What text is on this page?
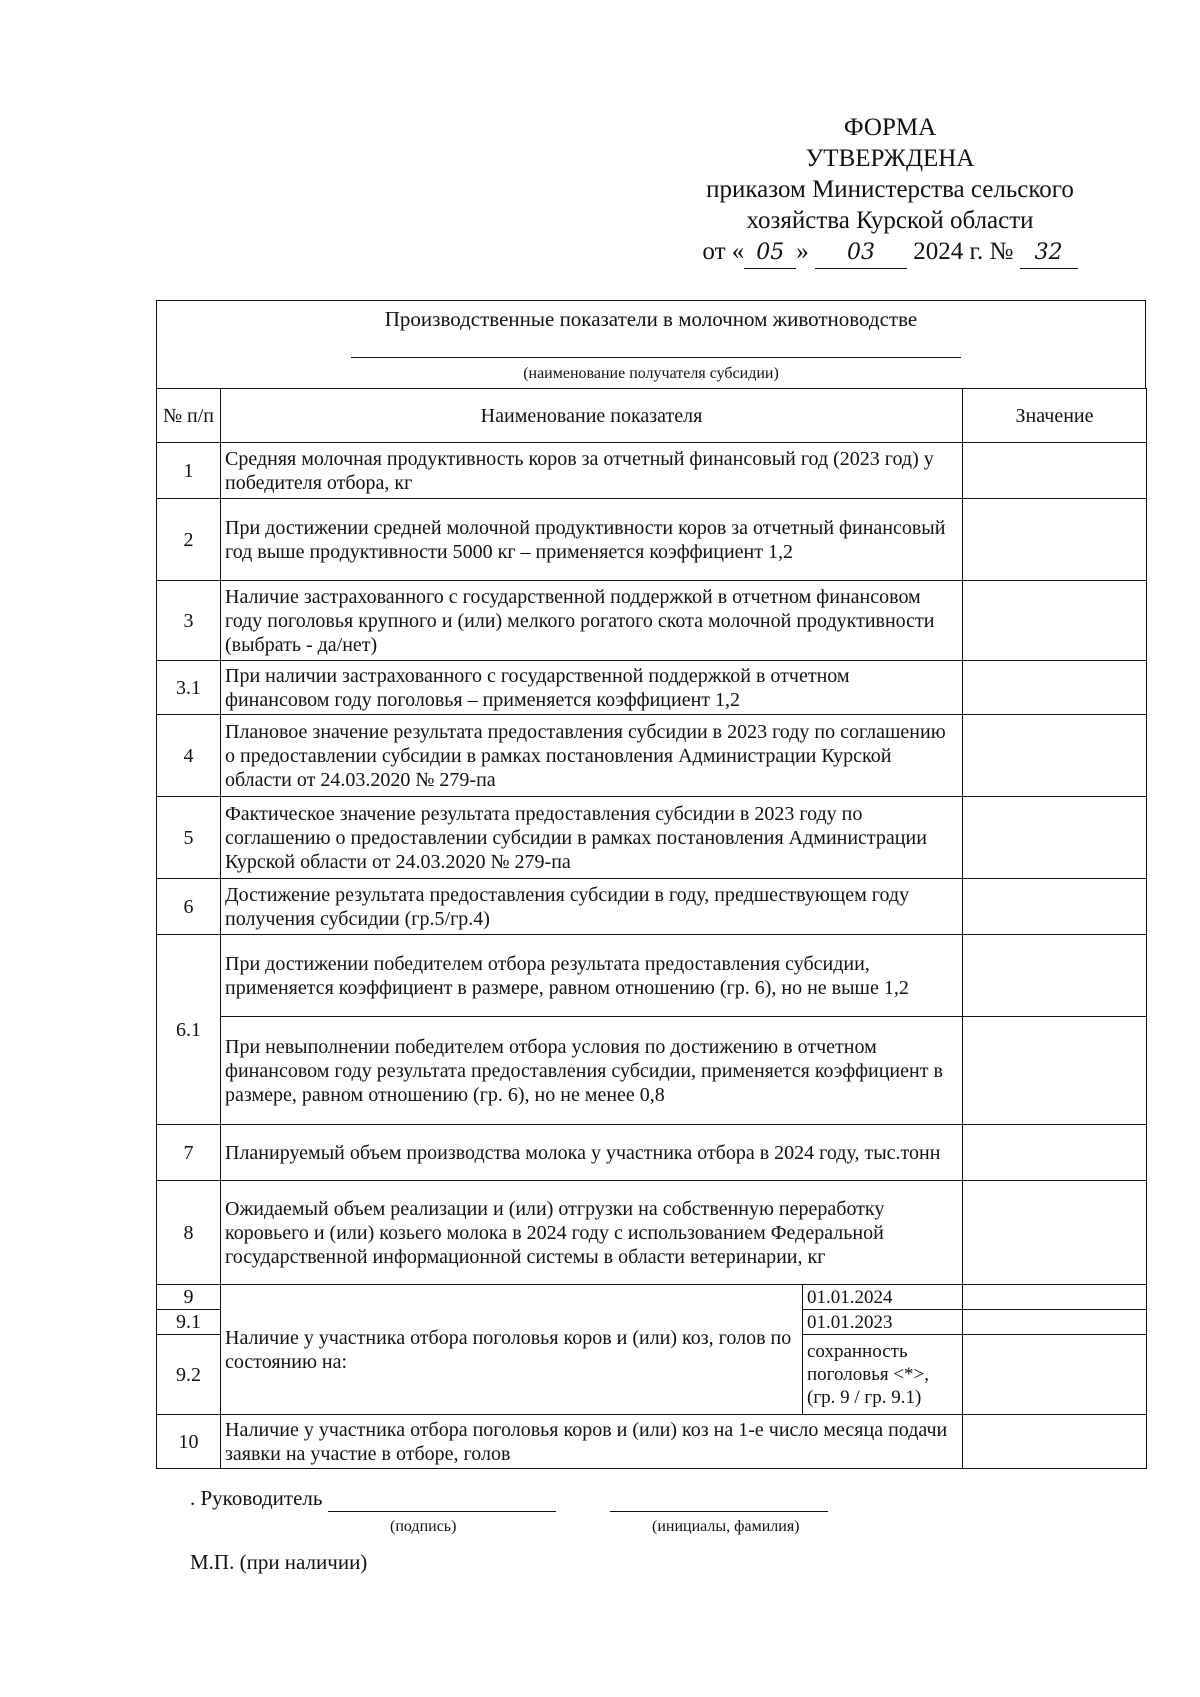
ФОРМА
УТВЕРЖДЕНА
приказом Министерства сельского
хозяйства Курской области
от « 05 » 03 2024 г. № 32
Производственные показатели в молочном животноводстве
(наименование получателя субсидии)
№ п/п	Наименование показателя		Значение
1	Средняя молочная продуктивность коров за отчетный финансовый год (2023 год) у победителя отбора, кг		
2	При достижении средней молочной продуктивности коров за отчетный финансовый год выше продуктивности 5000 кг – применяется коэффициент 1,2		
3	Наличие застрахованного с государственной поддержкой в отчетном финансовом году поголовья крупного и (или) мелкого рогатого скота молочной продуктивности (выбрать - да/нет)		
3.1	При наличии застрахованного с государственной поддержкой в отчетном финансовом году поголовья – применяется коэффициент 1,2		
4	Плановое значение результата предоставления субсидии в 2023 году по соглашению о предоставлении субсидии в рамках постановления Администрации Курской области от 24.03.2020 № 279-па		
5	Фактическое значение результата предоставления субсидии в 2023 году по соглашению о предоставлении субсидии в рамках постановления Администрации Курской области от 24.03.2020 № 279-па		
6	Достижение результата предоставления субсидии в году, предшествующем году получения субсидии (гр.5/гр.4)		
6.1	При достижении победителем отбора результата предоставления субсидии, применяется коэффициент в размере, равном отношению (гр. 6), но не выше 1,2		
	При невыполнении победителем отбора условия по достижению в отчетном финансовом году результата предоставления субсидии, применяется коэффициент в размере, равном отношению (гр. 6), но не менее 0,8		
7	Планируемый объем производства молока у участника отбора в 2024 году, тыс.тонн		
8	Ожидаемый объем реализации и (или) отгрузки на собственную переработку коровьего и (или) козьего молока в 2024 году с использованием Федеральной государственной информационной системы в области ветеринарии, кг		
9	Наличие у участника отбора поголовья коров и (или) коз, голов по состоянию на:	01.01.2024	
9.1		01.01.2023	
9.2		сохранность поголовья <*>, (гр. 9 / гр. 9.1)	
10	Наличие у участника отбора поголовья коров и (или) коз на 1-е число месяца подачи заявки на участие в отборе, голов		
. Руководитель
(подпись)	(инициалы, фамилия)
М.П. (при наличии)
